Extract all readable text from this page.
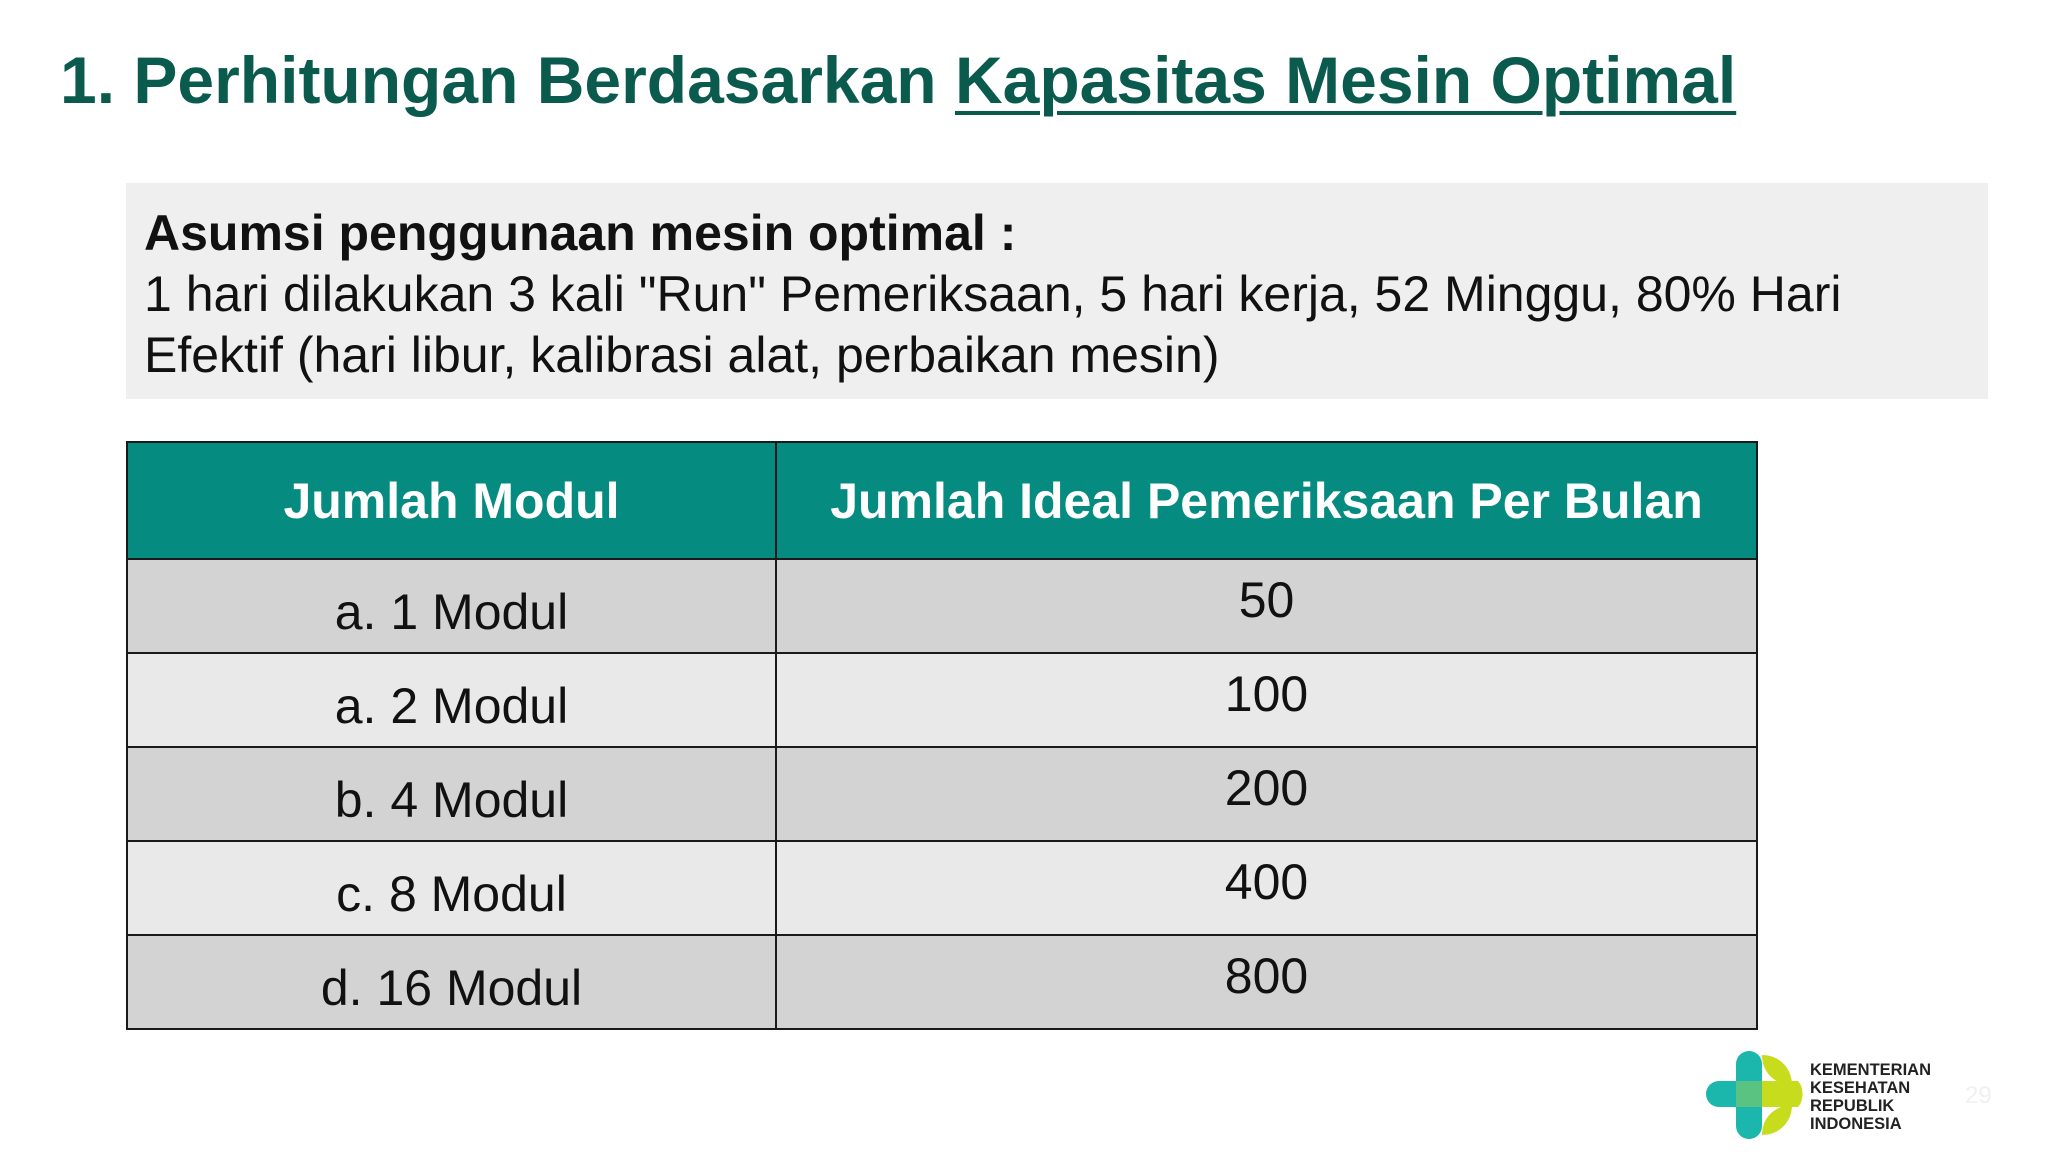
1. Perhitungan Berdasarkan Kapasitas Mesin Optimal
Asumsi penggunaan mesin optimal :
1 hari dilakukan 3 kali "Run" Pemeriksaan, 5 hari kerja, 52 Minggu, 80% Hari Efektif (hari libur, kalibrasi alat, perbaikan mesin)
Jumlah Modul	Jumlah Ideal Pemeriksaan Per Bulan
a. 1 Modul	50
a. 2 Modul	100
b. 4 Modul	200
c. 8 Modul	400
d. 16 Modul	800
KEMENTERIAN
KESEHATAN
REPUBLIK
INDONESIA
29
